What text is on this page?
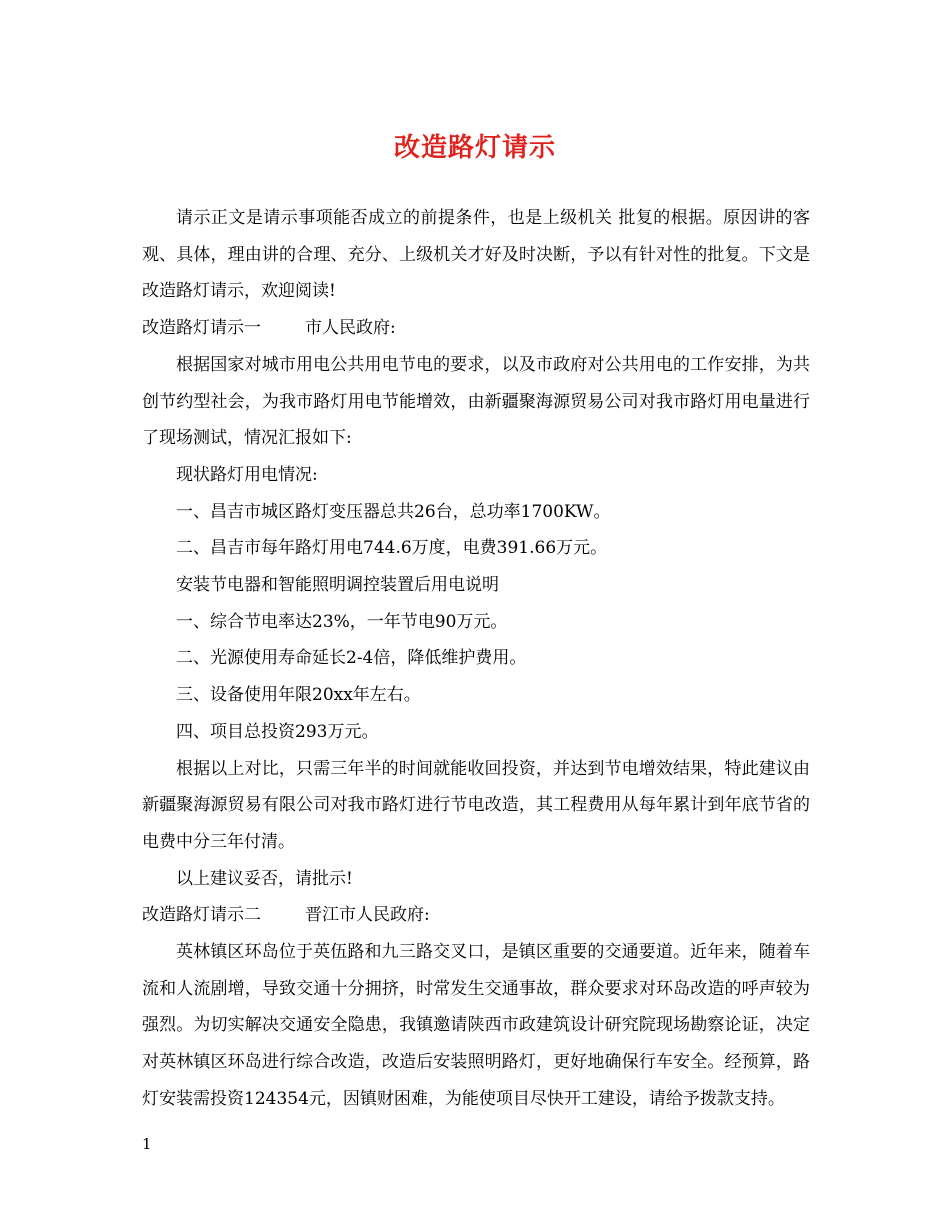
改造路灯请示

请示正文是请示事项能否成立的前提条件，也是上级机关 批复的根据。原因讲的客观、具体，理由讲的合理、充分、上级机关才好及时决断，予以有针对性的批复。下文是改造路灯请示，欢迎阅读!

改造路灯请示一	市人民政府:

根据国家对城市用电公共用电节电的要求，以及市政府对公共用电的工作安排，为共创节约型社会，为我市路灯用电节能增效，由新疆聚海源贸易公司对我市路灯用电量进行了现场测试，情况汇报如下:

现状路灯用电情况:

一、昌吉市城区路灯变压器总共26台，总功率1700KW。

二、昌吉市每年路灯用电744.6万度，电费391.66万元。

安装节电器和智能照明调控装置后用电说明

一、综合节电率达23%，一年节电90万元。

二、光源使用寿命延长2-4倍，降低维护费用。

三、设备使用年限20xx年左右。

四、项目总投资293万元。

根据以上对比，只需三年半的时间就能收回投资，并达到节电增效结果，特此建议由新疆聚海源贸易有限公司对我市路灯进行节电改造，其工程费用从每年累计到年底节省的电费中分三年付清。

以上建议妥否，请批示!

改造路灯请示二	晋江市人民政府:

英林镇区环岛位于英伍路和九三路交叉口，是镇区重要的交通要道。近年来，随着车流和人流剧增，导致交通十分拥挤，时常发生交通事故，群众要求对环岛改造的呼声较为强烈。为切实解决交通安全隐患，我镇邀请陕西市政建筑设计研究院现场勘察论证，决定对英林镇区环岛进行综合改造，改造后安装照明路灯，更好地确保行车安全。经预算，路灯安装需投资124354元，因镇财困难，为能使项目尽快开工建设，请给予拨款支持。

1
